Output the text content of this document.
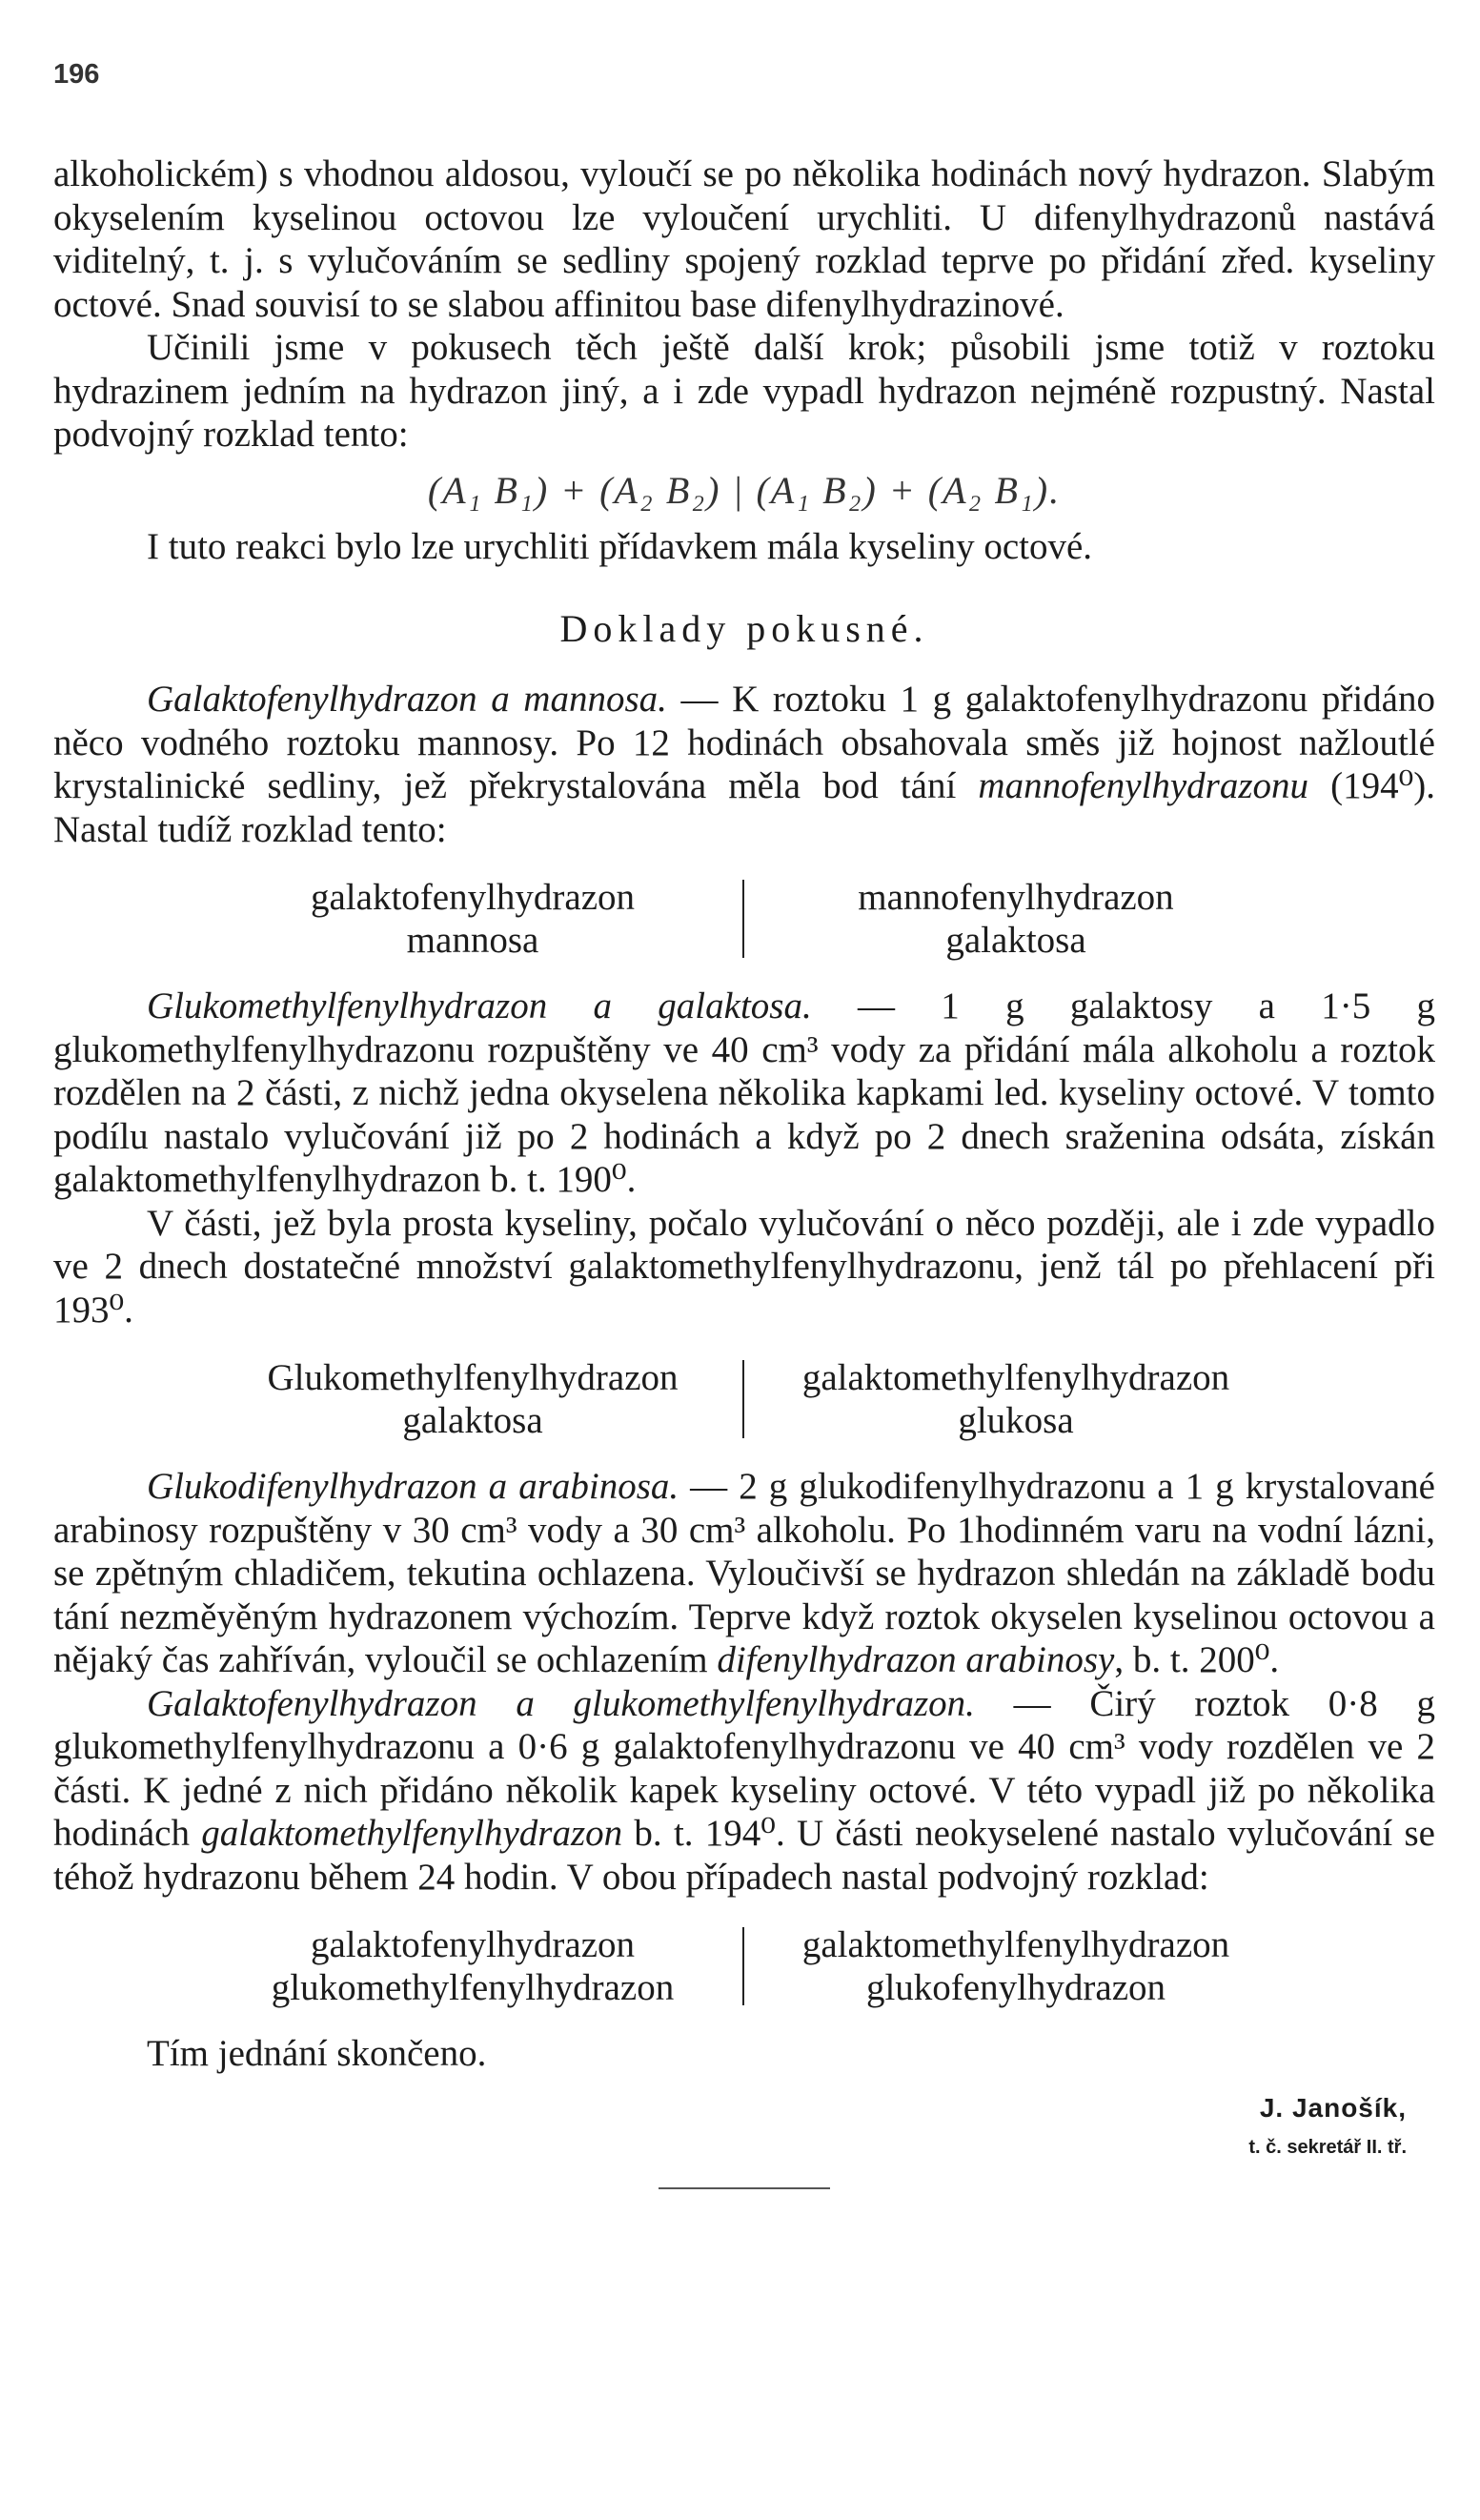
196

alkoholickém) s vhodnou aldosou, vyloučí se po několika hodinách nový hydrazon. Slabým okyselením kyselinou octovou lze vyloučení urychliti. U difenylhydrazonů nastává viditelný, t. j. s vylučováním se sedliny spojený rozklad teprve po přidání zřed. kyseliny octové. Snad souvisí to se slabou affinitou base difenylhydrazinové.

Učinili jsme v pokusech těch ještě další krok; působili jsme totiž v roztoku hydrazinem jedním na hydrazon jiný, a i zde vypadl hydrazon nejméně rozpustný. Nastal podvojný rozklad tento:

(A₁ B₁) + (A₂ B₂) | (A₁ B₂) + (A₂ B₁).

I tuto reakci bylo lze urychliti přídavkem mála kyseliny octové.

Doklady pokusné.

Galaktofenylhydrazon a mannosa. — K roztoku 1 g galaktofenylhydrazonu přidáno něco vodného roztoku mannosy. Po 12 hodinách obsahovala směs již hojnost nažloutlé krystalinické sedliny, jež překrystalována měla bod tání mannofenylhydrazonu (194⁰). Nastal tudíž rozklad tento:

galaktofenylhydrazon
mannosa
mannofenylhydrazon
galaktosa

Glukomethylfenylhydrazon a galaktosa. — 1 g galaktosy a 1·5 g glukomethylfenylhydrazonu rozpuštěny ve 40 cm³ vody za přidání mála alkoholu a roztok rozdělen na 2 části, z nichž jedna okyselena několika kapkami led. kyseliny octové. V tomto podílu nastalo vylučování již po 2 hodinách a když po 2 dnech sraženina odsáta, získán galaktomethylfenylhydrazon b. t. 190⁰.

V části, jež byla prosta kyseliny, počalo vylučování o něco později, ale i zde vypadlo ve 2 dnech dostatečné množství galaktomethylfenylhydrazonu, jenž tál po přehlacení při 193⁰.

Glukomethylfenylhydrazon
galaktosa
galaktomethylfenylhydrazon
glukosa

Glukodifenylhydrazon a arabinosa. — 2 g glukodifenylhydrazonu a 1 g krystalované arabinosy rozpuštěny v 30 cm³ vody a 30 cm³ alkoholu. Po 1hodinném varu na vodní lázni, se zpětným chladičem, tekutina ochlazena. Vyloučivší se hydrazon shledán na základě bodu tání nezměyěným hydrazonem výchozím. Teprve když roztok okyselen kyselinou octovou a nějaký čas zahříván, vyloučil se ochlazením difenylhydrazon arabinosy, b. t. 200⁰.

Galaktofenylhydrazon a glukomethylfenylhydrazon. — Čirý roztok 0·8 g glukomethylfenylhydrazonu a 0·6 g galaktofenylhydrazonu ve 40 cm³ vody rozdělen ve 2 části. K jedné z nich přidáno několik kapek kyseliny octové. V této vypadl již po několika hodinách galaktomethylfenylhydrazon b. t. 194⁰. U části neokyselené nastalo vylučování se téhož hydrazonu během 24 hodin. V obou případech nastal podvojný rozklad:

galaktofenylhydrazon
glukomethylfenylhydrazon
galaktomethylfenylhydrazon
glukofenylhydrazon

Tím jednání skončeno.

J. Janošík,
t. č. sekretář II. tř.
